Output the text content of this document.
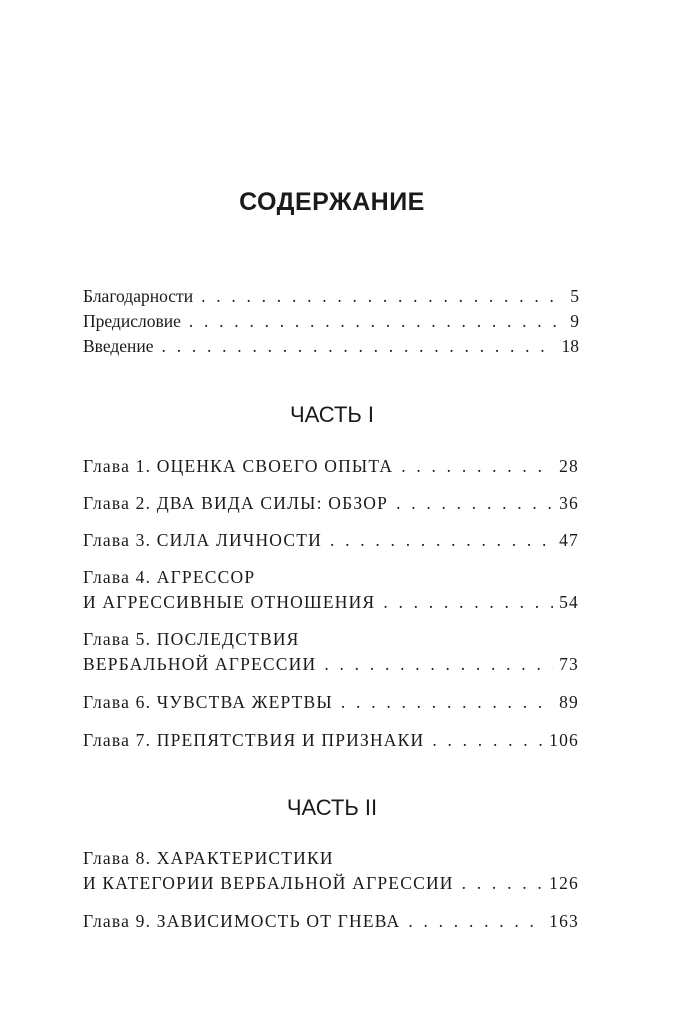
СОДЕРЖАНИЕ
Благодарности . . .	5
Предисловие . . .	9
Введение . . .	18
ЧАСТЬ I
Глава 1. ОЦЕНКА СВОЕГО ОПЫТА . . .	28
Глава 2. ДВА ВИДА СИЛЫ: ОБЗОР . . .	36
Глава 3. СИЛА ЛИЧНОСТИ . . .	47
Глава 4. АГРЕССОР
И АГРЕССИВНЫЕ ОТНОШЕНИЯ . . .	54
Глава 5. ПОСЛЕДСТВИЯ
ВЕРБАЛЬНОЙ АГРЕССИИ . . .	73
Глава 6. ЧУВСТВА ЖЕРТВЫ . . .	89
Глава 7. ПРЕПЯТСТВИЯ И ПРИЗНАКИ . . .	106
ЧАСТЬ II
Глава 8. ХАРАКТЕРИСТИКИ
И КАТЕГОРИИ ВЕРБАЛЬНОЙ АГРЕССИИ . . .	126
Глава 9. ЗАВИСИМОСТЬ ОТ ГНЕВА . . .	163
